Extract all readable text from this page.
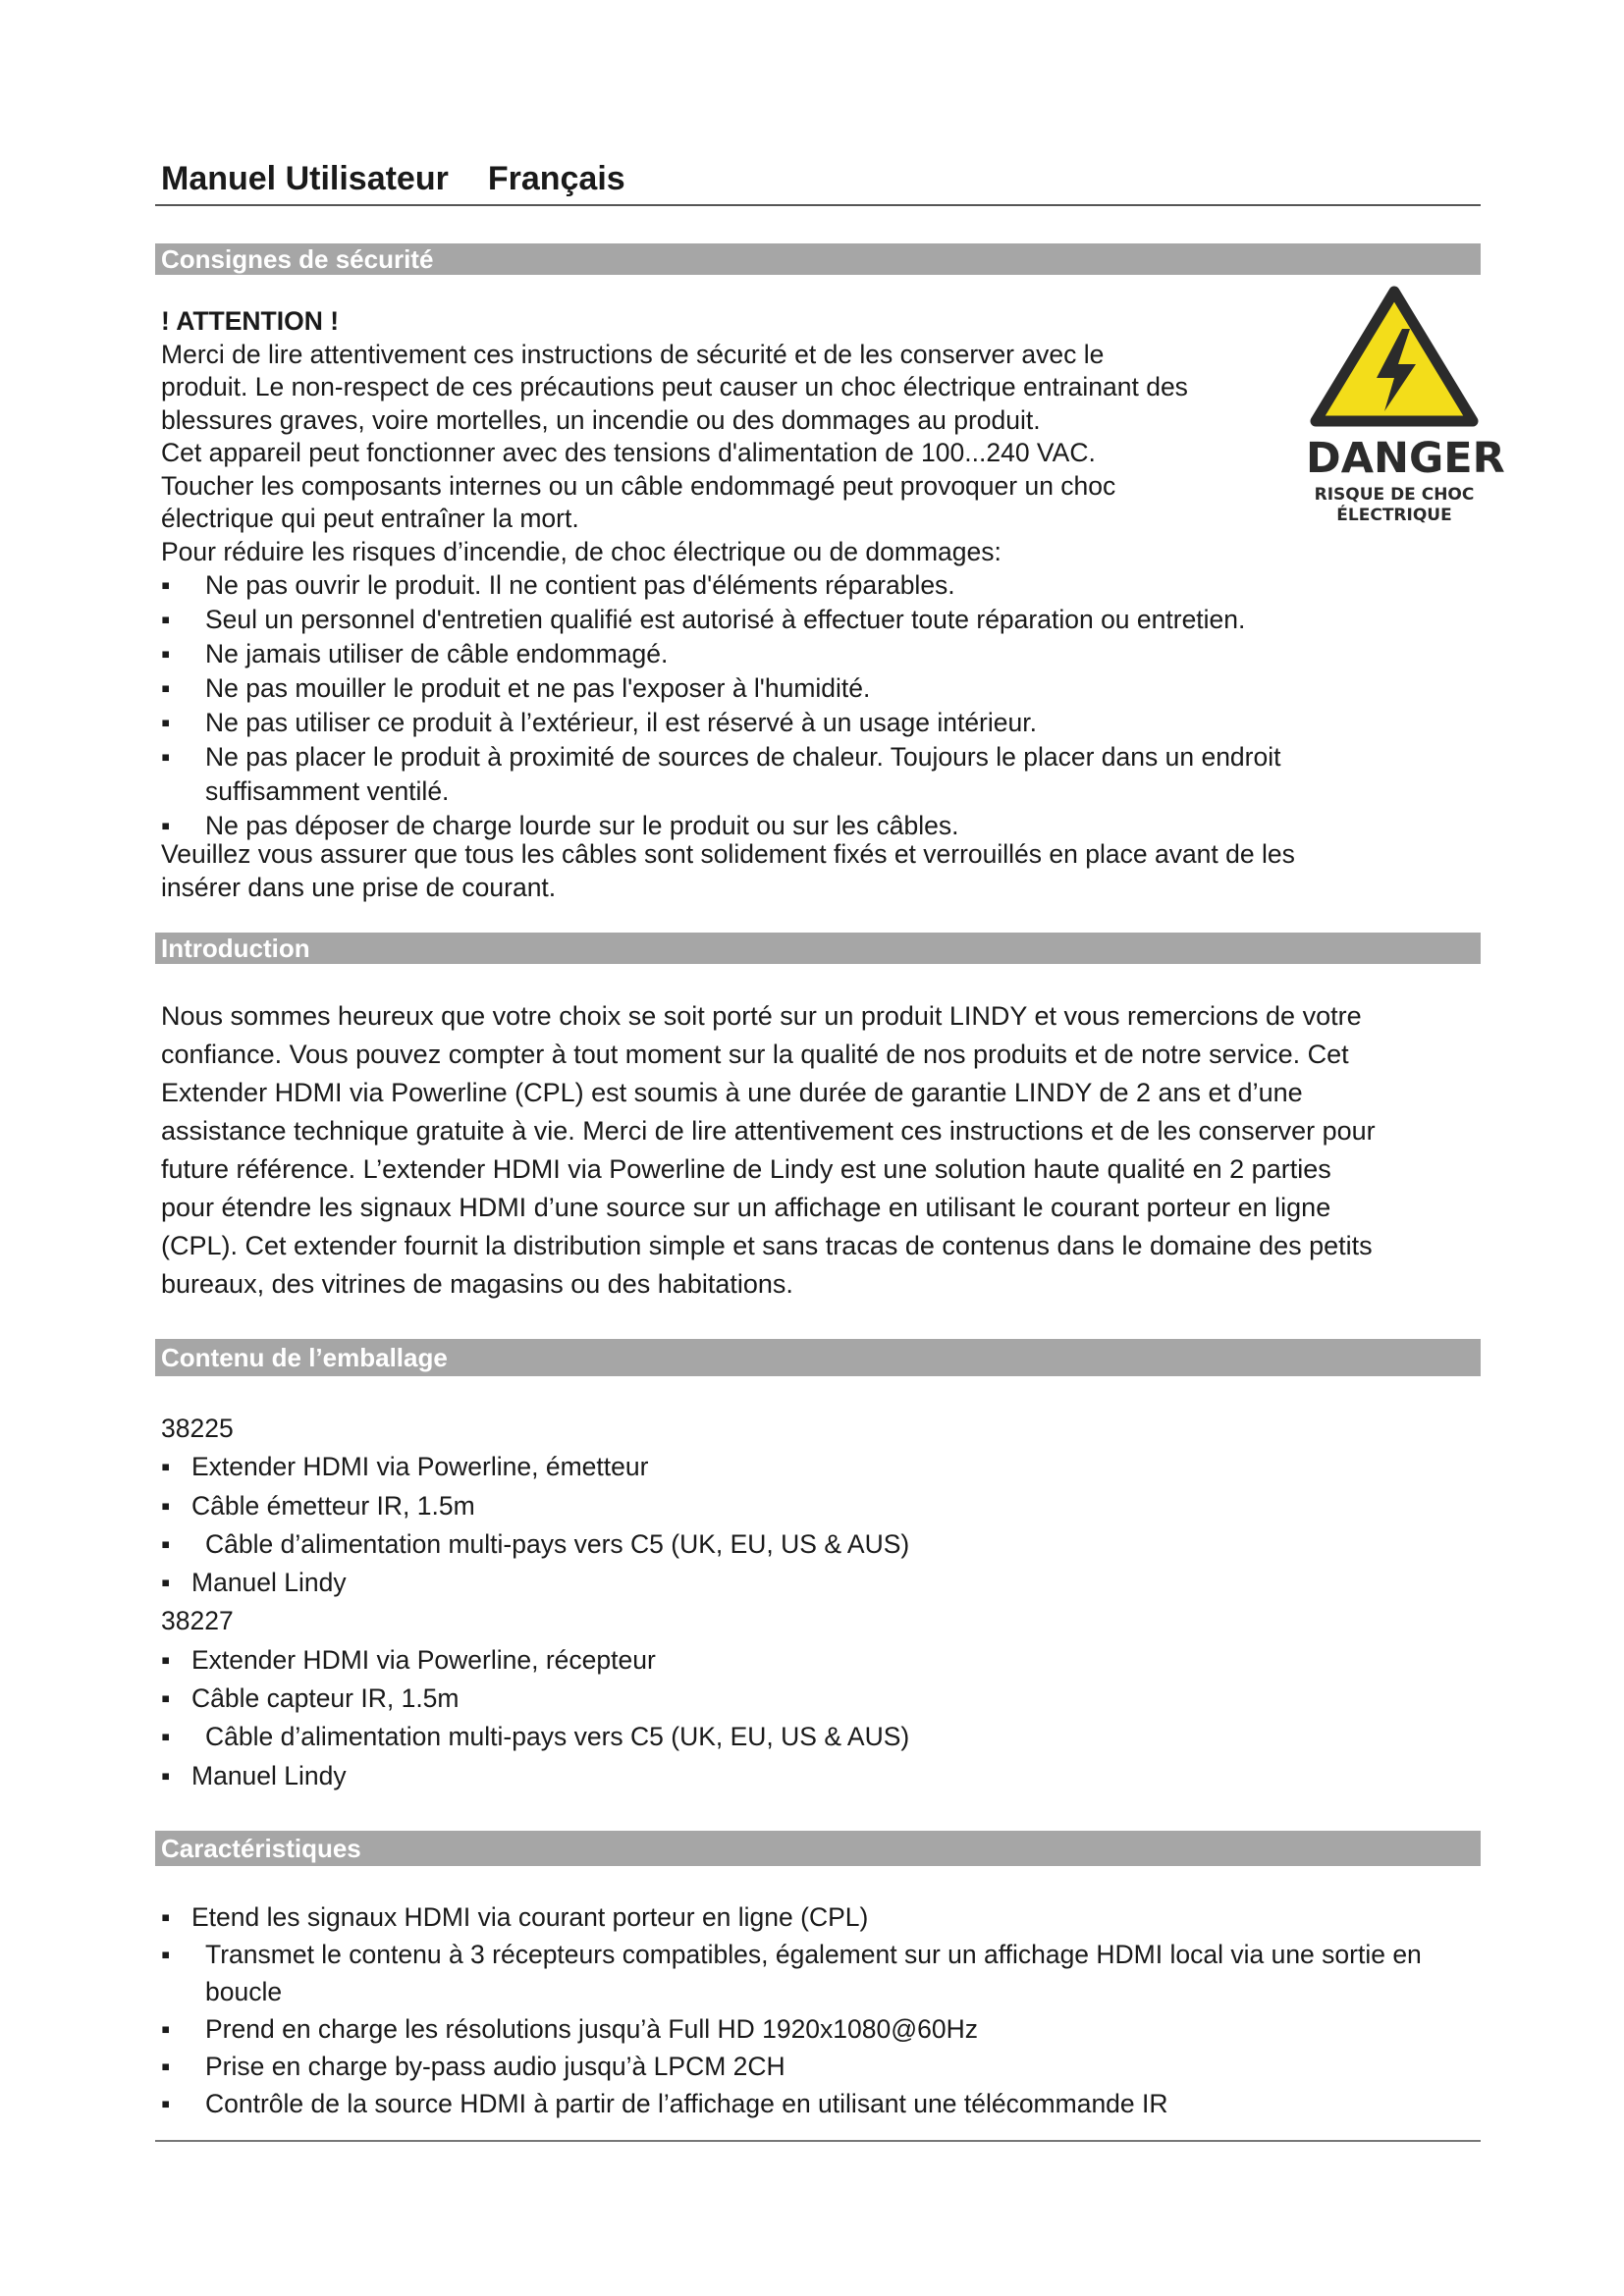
Manuel Utilisateur Français
Consignes de sécurité
! ATTENTION !
Merci de lire attentivement ces instructions de sécurité et de les conserver avec le
produit. Le non-respect de ces précautions peut causer un choc électrique entrainant des
blessures graves, voire mortelles, un incendie ou des dommages au produit.
Cet appareil peut fonctionner avec des tensions d'alimentation de 100...240 VAC.
Toucher les composants internes ou un câble endommagé peut provoquer un choc
électrique qui peut entraîner la mort.
Pour réduire les risques d’incendie, de choc électrique ou de dommages:
▪ Ne pas ouvrir le produit. Il ne contient pas d'éléments réparables.
▪ Seul un personnel d'entretien qualifié est autorisé à effectuer toute réparation ou entretien.
▪ Ne jamais utiliser de câble endommagé.
▪ Ne pas mouiller le produit et ne pas l'exposer à l'humidité.
▪ Ne pas utiliser ce produit à l’extérieur, il est réservé à un usage intérieur.
▪ Ne pas placer le produit à proximité de sources de chaleur. Toujours le placer dans un endroit suffisamment ventilé.
▪ Ne pas déposer de charge lourde sur le produit ou sur les câbles.
Veuillez vous assurer que tous les câbles sont solidement fixés et verrouillés en place avant de les
insérer dans une prise de courant.
DANGER
RISQUE DE CHOC
ÉLECTRIQUE
Introduction
Nous sommes heureux que votre choix se soit porté sur un produit LINDY et vous remercions de votre
confiance. Vous pouvez compter à tout moment sur la qualité de nos produits et de notre service. Cet
Extender HDMI via Powerline (CPL) est soumis à une durée de garantie LINDY de 2 ans et d’une
assistance technique gratuite à vie. Merci de lire attentivement ces instructions et de les conserver pour
future référence. L’extender HDMI via Powerline de Lindy est une solution haute qualité en 2 parties
pour étendre les signaux HDMI d’une source sur un affichage en utilisant le courant porteur en ligne
(CPL). Cet extender fournit la distribution simple et sans tracas de contenus dans le domaine des petits
bureaux, des vitrines de magasins ou des habitations.
Contenu de l’emballage
38225
▪ Extender HDMI via Powerline, émetteur
▪ Câble émetteur IR, 1.5m
▪ Câble d’alimentation multi-pays vers C5 (UK, EU, US & AUS)
▪ Manuel Lindy
38227
▪ Extender HDMI via Powerline, récepteur
▪ Câble capteur IR, 1.5m
▪ Câble d’alimentation multi-pays vers C5 (UK, EU, US & AUS)
▪ Manuel Lindy
Caractéristiques
▪ Etend les signaux HDMI via courant porteur en ligne (CPL)
▪ Transmet le contenu à 3 récepteurs compatibles, également sur un affichage HDMI local via une sortie en boucle
▪ Prend en charge les résolutions jusqu’à Full HD 1920x1080@60Hz
▪ Prise en charge by-pass audio jusqu’à LPCM 2CH
▪ Contrôle de la source HDMI à partir de l’affichage en utilisant une télécommande IR
